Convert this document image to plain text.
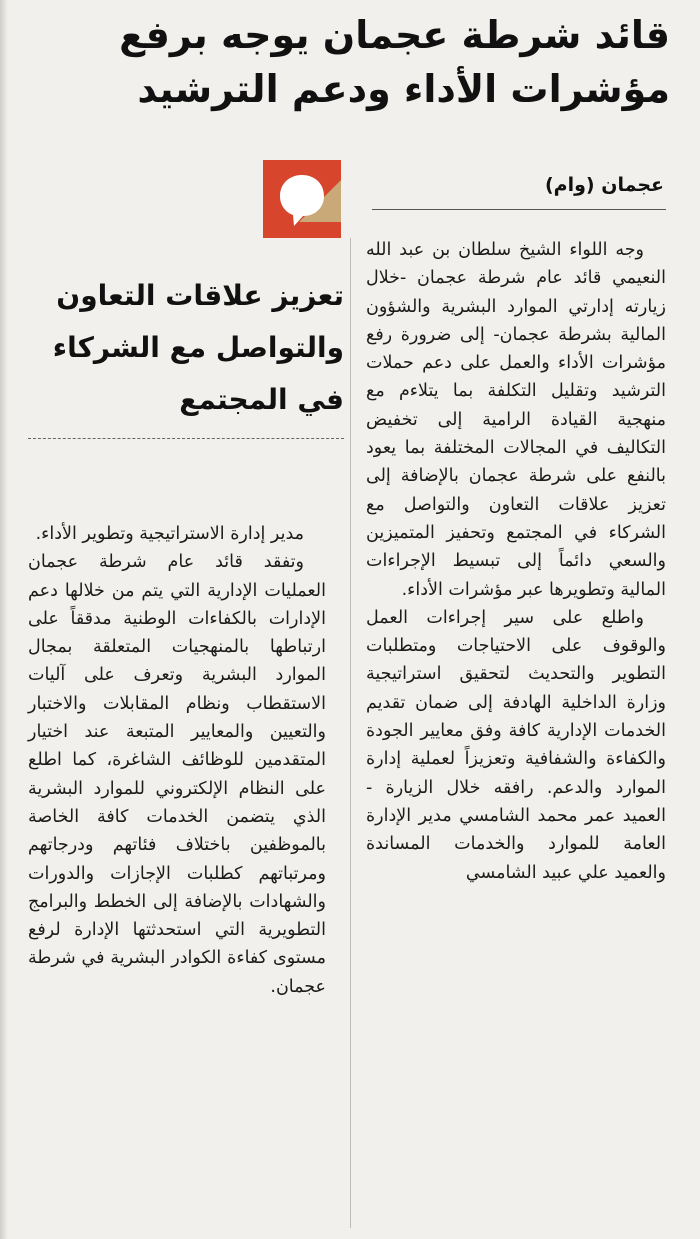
قائد شرطة عجمان يوجه برفع
مؤشرات الأداء ودعم الترشيد
عجمان (وام)
تعزيز علاقات التعاون
والتواصل مع الشركاء
في المجتمع

وجه اللواء الشيخ سلطان بن عبد الله النعيمي قائد عام شرطة عجمان -خلال زيارته إدارتي الموارد البشرية والشؤون المالية بشرطة عجمان- إلى ضرورة رفع مؤشرات الأداء والعمل على دعم حملات الترشيد وتقليل التكلفة بما يتلاءم مع منهجية القيادة الرامية إلى تخفيض التكاليف في المجالات المختلفة بما يعود بالنفع على شرطة عجمان بالإضافة إلى تعزيز علاقات التعاون والتواصل مع الشركاء في المجتمع وتحفيز المتميزين والسعي دائماً إلى تبسيط الإجراءات المالية وتطويرها عبر مؤشرات الأداء.

واطلع على سير إجراءات العمل والوقوف على الاحتياجات ومتطلبات التطوير والتحديث لتحقيق استراتيجية وزارة الداخلية الهادفة إلى ضمان تقديم الخدمات الإدارية كافة وفق معايير الجودة والكفاءة والشفافية وتعزيزاً لعملية إدارة الموارد والدعم. رافقه خلال الزيارة - العميد عمر محمد الشامسي مدير الإدارة العامة للموارد والخدمات المساندة والعميد علي عبيد الشامسي

مدير إدارة الاستراتيجية وتطوير الأداء.

وتفقد قائد عام شرطة عجمان العمليات الإدارية التي يتم من خلالها دعم الإدارات بالكفاءات الوطنية مدققاً على ارتباطها بالمنهجيات المتعلقة بمجال الموارد البشرية وتعرف على آليات الاستقطاب ونظام المقابلات والاختبار والتعيين والمعايير المتبعة عند اختيار المتقدمين للوظائف الشاغرة، كما اطلع على النظام الإلكتروني للموارد البشرية الذي يتضمن الخدمات كافة الخاصة بالموظفين باختلاف فئاتهم ودرجاتهم ومرتباتهم كطلبات الإجازات والدورات والشهادات بالإضافة إلى الخطط والبرامج التطويرية التي استحدثتها الإدارة لرفع مستوى كفاءة الكوادر البشرية في شرطة عجمان.
